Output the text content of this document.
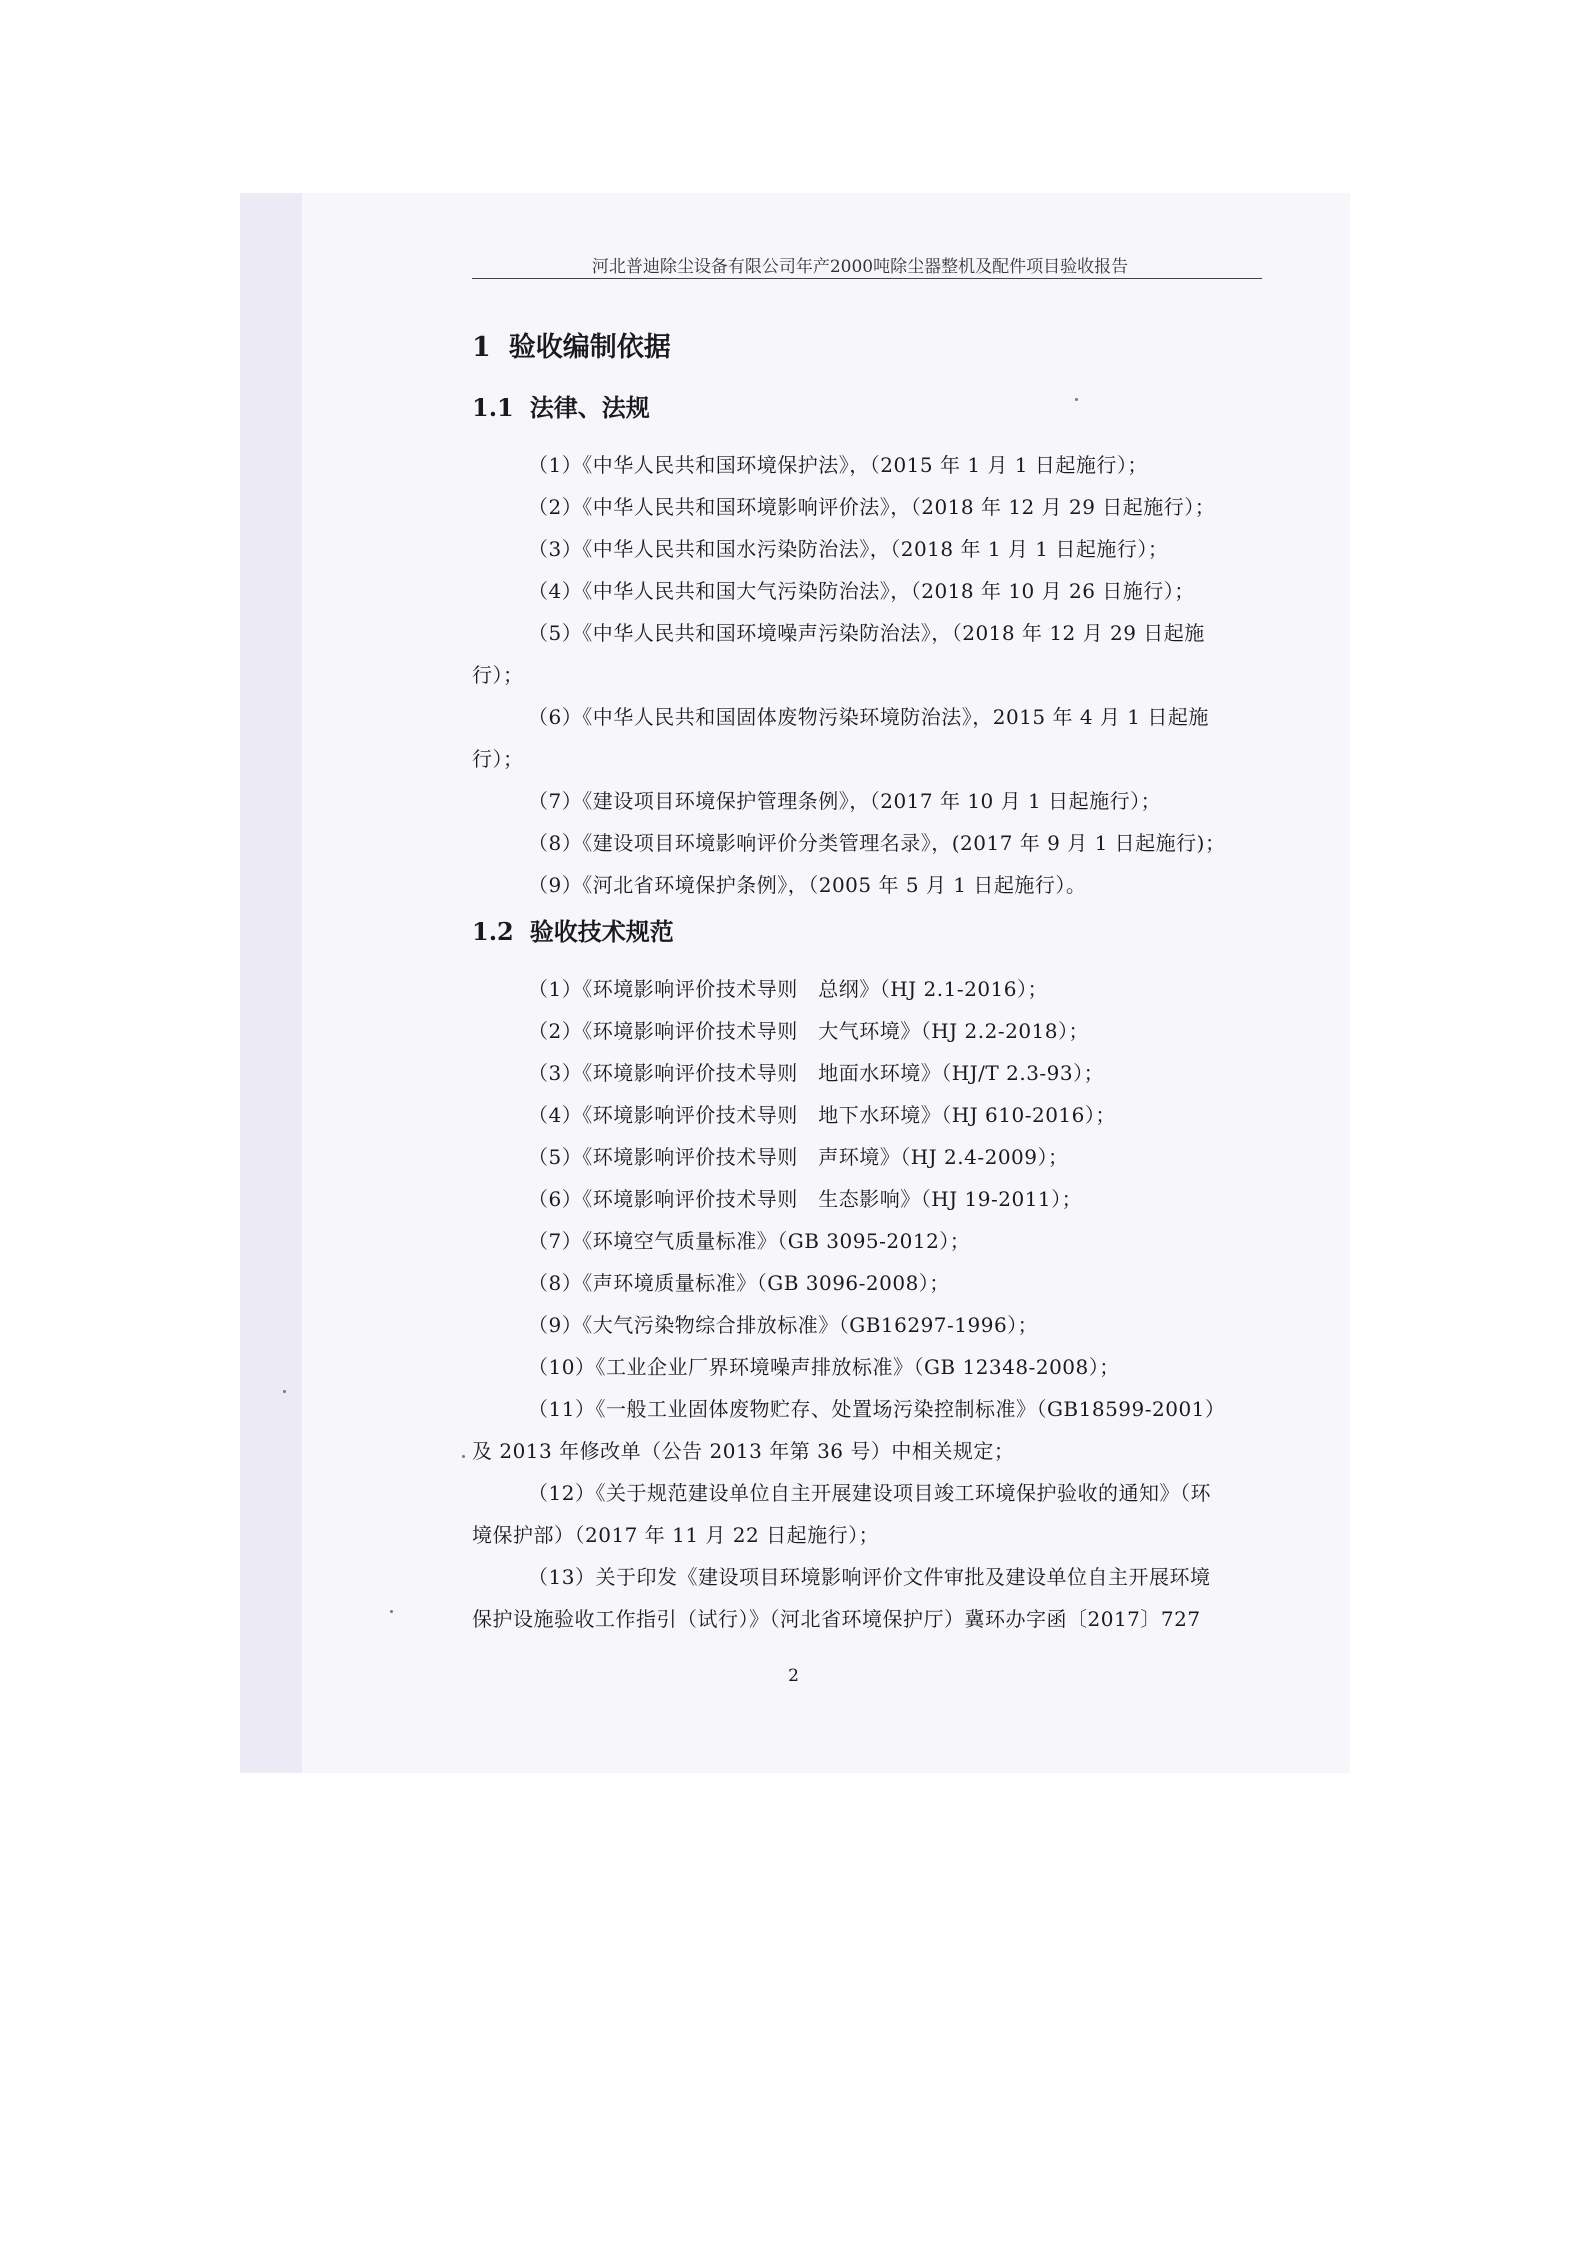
河北普迪除尘设备有限公司年产2000吨除尘器整机及配件项目验收报告
1 验收编制依据
1.1 法律、法规
（1）《中华人民共和国环境保护法》，（2015 年 1 月 1 日起施行）；
（2）《中华人民共和国环境影响评价法》，（2018 年 12 月 29 日起施行）；
（3）《中华人民共和国水污染防治法》，（2018 年 1 月 1 日起施行）；
（4）《中华人民共和国大气污染防治法》，（2018 年 10 月 26 日施行）；
（5）《中华人民共和国环境噪声污染防治法》，（2018 年 12 月 29 日起施
行）；
（6）《中华人民共和国固体废物污染环境防治法》，2015 年 4 月 1 日起施
行）；
（7）《建设项目环境保护管理条例》，（2017 年 10 月 1 日起施行）；
（8）《建设项目环境影响评价分类管理名录》，(2017 年 9 月 1 日起施行)；
（9）《河北省环境保护条例》，（2005 年 5 月 1 日起施行）。
1.2 验收技术规范
（1）《环境影响评价技术导则　总纲》（HJ 2.1-2016）；
（2）《环境影响评价技术导则　大气环境》（HJ 2.2-2018）；
（3）《环境影响评价技术导则　地面水环境》（HJ/T 2.3-93）；
（4）《环境影响评价技术导则　地下水环境》（HJ 610-2016）；
（5）《环境影响评价技术导则　声环境》（HJ 2.4-2009）；
（6）《环境影响评价技术导则　生态影响》（HJ 19-2011）；
（7）《环境空气质量标准》（GB 3095-2012）；
（8）《声环境质量标准》（GB 3096-2008）；
（9）《大气污染物综合排放标准》（GB16297-1996）；
（10）《工业企业厂界环境噪声排放标准》（GB 12348-2008）；
（11）《一般工业固体废物贮存、处置场污染控制标准》（GB18599-2001）
及 2013 年修改单（公告 2013 年第 36 号）中相关规定；
（12）《关于规范建设单位自主开展建设项目竣工环境保护验收的通知》（环
境保护部）（2017 年 11 月 22 日起施行）；
（13）关于印发《建设项目环境影响评价文件审批及建设单位自主开展环境
保护设施验收工作指引（试行）》（河北省环境保护厅）冀环办字函〔2017〕727
2
